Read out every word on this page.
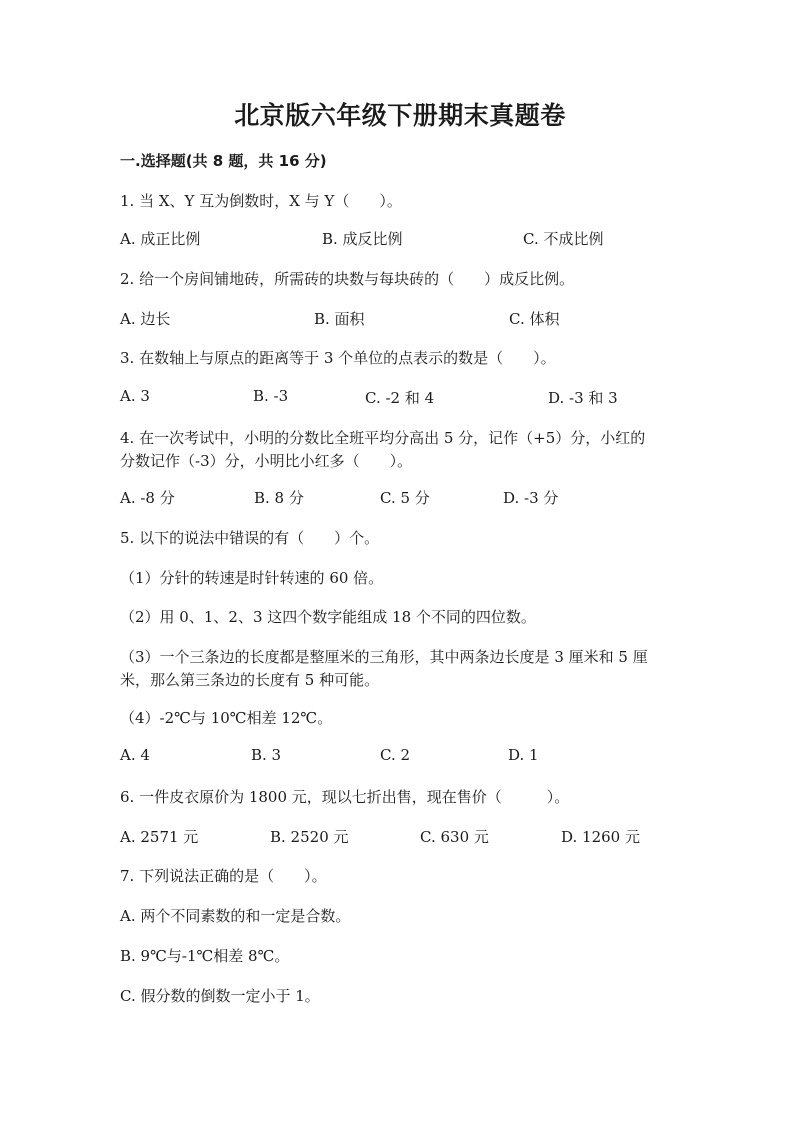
北京版六年级下册期末真题卷
一.选择题(共 8 题，共 16 分)
1. 当 X、Y 互为倒数时，X 与 Y（　　）。
A. 成正比例	B. 成反比例	C. 不成比例
2. 给一个房间铺地砖，所需砖的块数与每块砖的（　　）成反比例。
A. 边长	B. 面积	C. 体积
3. 在数轴上与原点的距离等于 3 个单位的点表示的数是（　　）。
A. 3	B. -3	C. -2 和 4	D. -3 和 3
4. 在一次考试中，小明的分数比全班平均分高出 5 分，记作（+5）分，小红的
分数记作（-3）分，小明比小红多（　　）。
A. -8 分	B. 8 分	C. 5 分	D. -3 分
5. 以下的说法中错误的有（　　）个。
（1）分针的转速是时针转速的 60 倍。
（2）用 0、1、2、3 这四个数字能组成 18 个不同的四位数。
（3）一个三条边的长度都是整厘米的三角形，其中两条边长度是 3 厘米和 5 厘
米，那么第三条边的长度有 5 种可能。
（4）-2℃与 10℃相差 12℃。
A. 4	B. 3	C. 2	D. 1
6. 一件皮衣原价为 1800 元，现以七折出售，现在售价（　　　）。
A. 2571 元	B. 2520 元	C. 630 元	D. 1260 元
7. 下列说法正确的是（　　）。
A. 两个不同素数的和一定是合数。
B. 9℃与-1℃相差 8℃。
C. 假分数的倒数一定小于 1。
